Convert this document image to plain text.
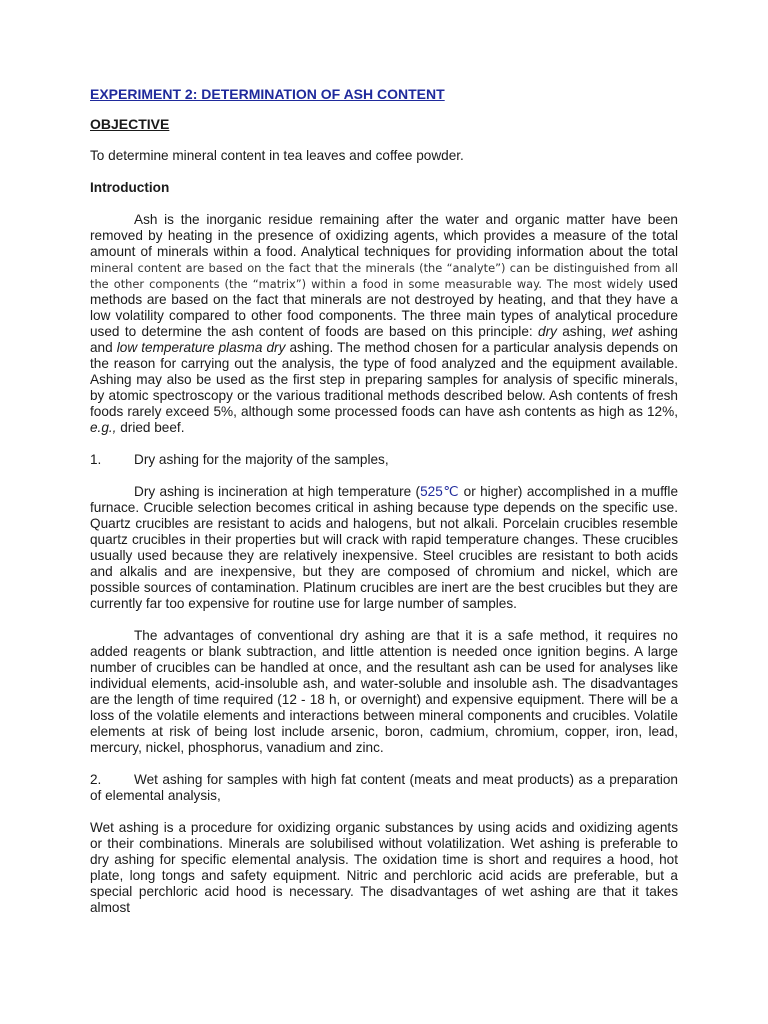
EXPERIMENT 2: DETERMINATION OF ASH CONTENT
OBJECTIVE
To determine mineral content in tea leaves and coffee powder.
Introduction
Ash is the inorganic residue remaining after the water and organic matter have been removed by heating in the presence of oxidizing agents, which provides a measure of the total amount of minerals within a food. Analytical techniques for providing information about the total mineral content are based on the fact that the minerals (the “analyte”) can be distinguished from all the other components (the “matrix”) within a food in some measurable way. The most widely used methods are based on the fact that minerals are not destroyed by heating, and that they have a low volatility compared to other food components. The three main types of analytical procedure used to determine the ash content of foods are based on this principle: dry ashing, wet ashing and low temperature plasma dry ashing. The method chosen for a particular analysis depends on the reason for carrying out the analysis, the type of food analyzed and the equipment available. Ashing may also be used as the first step in preparing samples for analysis of specific minerals, by atomic spectroscopy or the various traditional methods described below. Ash contents of fresh foods rarely exceed 5%, although some processed foods can have ash contents as high as 12%, e.g., dried beef.
1.	Dry ashing for the majority of the samples,
Dry ashing is incineration at high temperature (525℃ or higher) accomplished in a muffle furnace. Crucible selection becomes critical in ashing because type depends on the specific use. Quartz crucibles are resistant to acids and halogens, but not alkali. Porcelain crucibles resemble quartz crucibles in their properties but will crack with rapid temperature changes. These crucibles usually used because they are relatively inexpensive. Steel crucibles are resistant to both acids and alkalis and are inexpensive, but they are composed of chromium and nickel, which are possible sources of contamination. Platinum crucibles are inert are the best crucibles but they are currently far too expensive for routine use for large number of samples.
The advantages of conventional dry ashing are that it is a safe method, it requires no added reagents or blank subtraction, and little attention is needed once ignition begins. A large number of crucibles can be handled at once, and the resultant ash can be used for analyses like individual elements, acid-insoluble ash, and water-soluble and insoluble ash. The disadvantages are the length of time required (12 - 18 h, or overnight) and expensive equipment. There will be a loss of the volatile elements and interactions between mineral components and crucibles. Volatile elements at risk of being lost include arsenic, boron, cadmium, chromium, copper, iron, lead, mercury, nickel, phosphorus, vanadium and zinc.
2. Wet ashing for samples with high fat content (meats and meat products) as a preparation of elemental analysis,
Wet ashing is a procedure for oxidizing organic substances by using acids and oxidizing agents or their combinations. Minerals are solubilised without volatilization. Wet ashing is preferable to dry ashing for specific elemental analysis. The oxidation time is short and requires a hood, hot plate, long tongs and safety equipment. Nitric and perchloric acid acids are preferable, but a special perchloric acid hood is necessary. The disadvantages of wet ashing are that it takes almost
